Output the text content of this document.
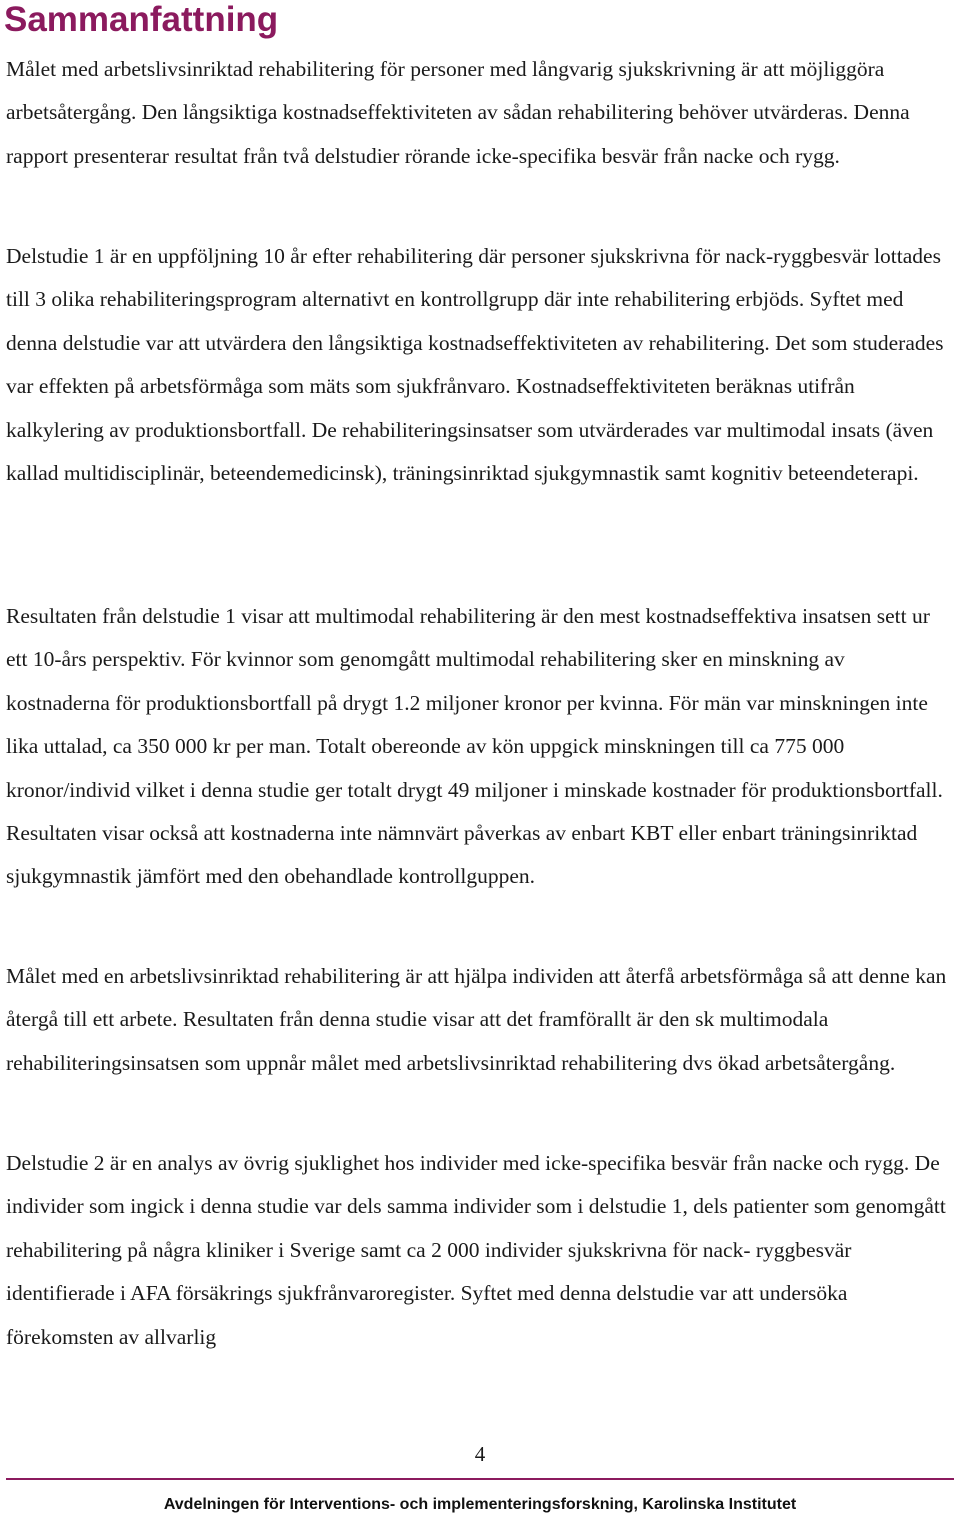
Sammanfattning

Målet med arbetslivsinriktad rehabilitering för personer med långvarig sjukskrivning är att möjliggöra arbetsåtergång. Den långsiktiga kostnadseffektiviteten av sådan rehabilitering behöver utvärderas. Denna rapport presenterar resultat från två delstudier rörande icke-specifika besvär från nacke och rygg.

Delstudie 1 är en uppföljning 10 år efter rehabilitering där personer sjukskrivna för nack-ryggbesvär lottades till 3 olika rehabiliteringsprogram alternativt en kontrollgrupp där inte rehabilitering erbjöds. Syftet med denna delstudie var att utvärdera den långsiktiga kostnadseffektiviteten av rehabilitering. Det som studerades var effekten på arbetsförmåga som mäts som sjukfrånvaro. Kostnadseffektiviteten beräknas utifrån kalkylering av produktionsbortfall. De rehabiliteringsinsatser som utvärderades var multimodal insats (även kallad multidisciplinär, beteendemedicinsk), träningsinriktad sjukgymnastik samt kognitiv beteendeterapi.

Resultaten från delstudie 1 visar att multimodal rehabilitering är den mest kostnadseffektiva insatsen sett ur ett 10-års perspektiv. För kvinnor som genomgått multimodal rehabilitering sker en minskning av kostnaderna för produktionsbortfall på drygt 1.2 miljoner kronor per kvinna. För män var minskningen inte lika uttalad, ca 350 000 kr per man. Totalt obereonde av kön uppgick minskningen till ca 775 000 kronor/individ vilket i denna studie ger totalt drygt 49 miljoner i minskade kostnader för produktionsbortfall. Resultaten visar också att kostnaderna inte nämnvärt påverkas av enbart KBT eller enbart träningsinriktad sjukgymnastik jämfört med den obehandlade kontrollguppen.

Målet med en arbetslivsinriktad rehabilitering är att hjälpa individen att återfå arbetsförmåga så att denne kan återgå till ett arbete. Resultaten från denna studie visar att det framförallt är den sk multimodala rehabiliteringsinsatsen som uppnår målet med arbetslivsinriktad rehabilitering dvs ökad arbetsåtergång.

Delstudie 2 är en analys av övrig sjuklighet hos individer med icke-specifika besvär från nacke och rygg. De individer som ingick i denna studie var dels samma individer som i delstudie 1, dels patienter som genomgått rehabilitering på några kliniker i Sverige samt ca 2 000 individer sjukskrivna för nack- ryggbesvär identifierade i AFA försäkrings sjukfrånvaroregister. Syftet med denna delstudie var att undersöka förekomsten av allvarlig

4
Avdelningen för Interventions- och implementeringsforskning, Karolinska Institutet
